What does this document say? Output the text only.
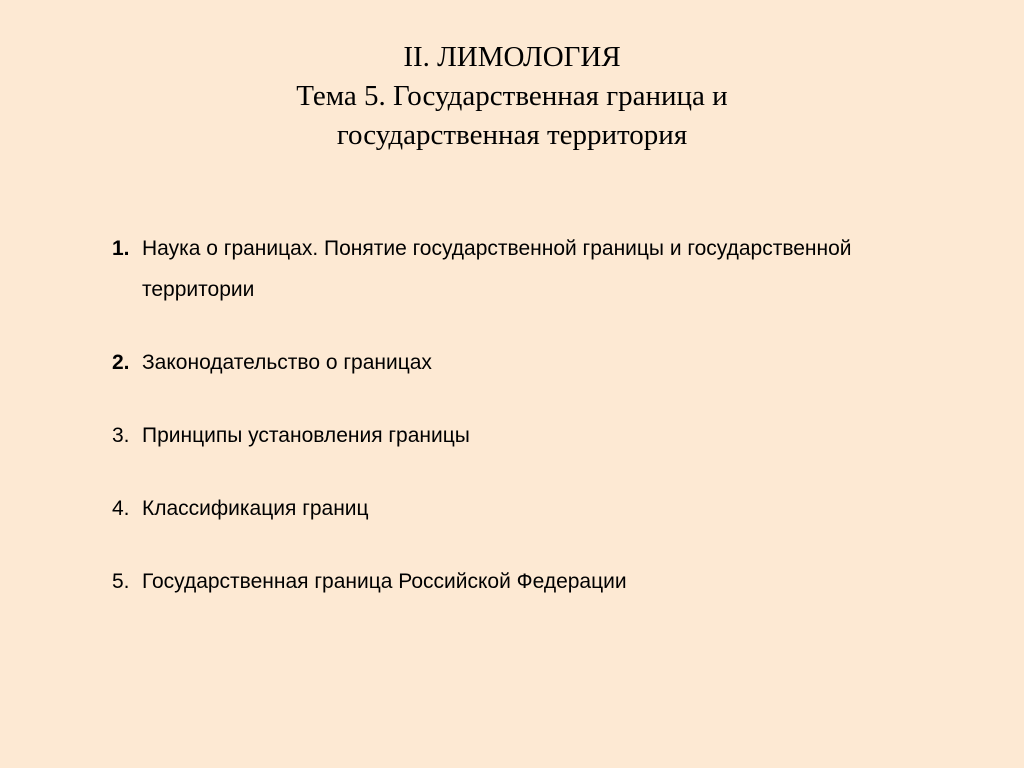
II. ЛИМОЛОГИЯ
Тема 5. Государственная граница и
государственная территория
1. Наука о границах. Понятие государственной границы и государственной территории
2. Законодательство о границах
3. Принципы установления границы
4. Классификация границ
5. Государственная граница Российской Федерации
